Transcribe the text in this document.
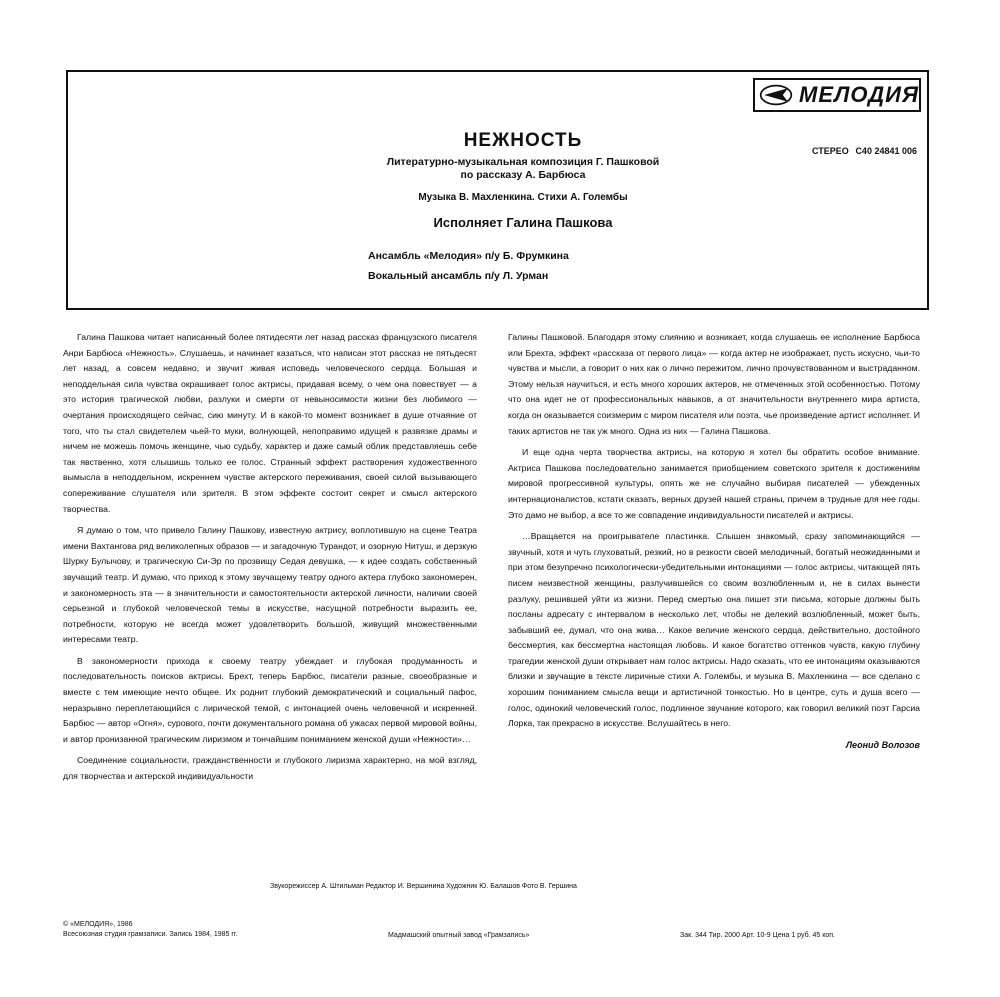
МЕЛОДИЯ
СТЕРЕО С40 24841 006
НЕЖНОСТЬ
Литературно-музыкальная композиция Г. Пашковой
по рассказу А. Барбюса
Музыка В. Махленкина. Стихи А. Голембы
Исполняет Галина Пашкова
Ансамбль «Мелодия» п/у Б. Фрумкина
Вокальный ансамбль п/у Л. Урман

Галина Пашкова читает написанный более пятидесяти лет назад рассказ французского писателя Анри Барбюса «Нежность». Слушаешь, и начинает казаться, что написан этот рассказ не пятьдесят лет назад, а совсем недавно, и звучит живая исповедь человеческого сердца. Большая и неподдельная сила чувства окрашивает голос актрисы, придавая всему, о чем она повествует — а это история трагической любви, разлуки и смерти от невыносимости жизни без любимого — очертания происходящего сейчас, сию минуту. И в какой-то момент возникает в душе отчаяние от того, что ты стал свидетелем чьей-то муки, волнующей, непоправимо идущей к развязке драмы и ничем не можешь помочь женщине, чью судьбу, характер и даже самый облик представляешь себе так явственно, хотя слышишь только ее голос. Странный эффект растворения художественного вымысла в неподдельном, искреннем чувстве актерского переживания, своей силой вызывающего сопереживание слушателя или зрителя. В этом эффекте состоит секрет и смысл актерского творчества.

Я думаю о том, что привело Галину Пашкову, известную актрису, воплотившую на сцене Театра имени Вахтангова ряд великолепных образов — и загадочную Турандот, и озорную Нитуш, и дерзкую Шурку Булычову, и трагическую Си-Эр по прозвищу Седая девушка, — к идее создать собственный звучащий театр. И думаю, что приход к этому звучащему театру одного актера глубоко закономерен, и закономерность эта — в значительности и самостоятельности актерской личности, наличии своей серьезной и глубокой человеческой темы в искусстве, насущной потребности выразить ее, потребности, которую не всегда может удовлетворить большой, живущий множественными интересами театр.

В закономерности прихода к своему театру убеждает и глубокая продуманность и последовательность поисков актрисы. Брехт, теперь Барбюс, писатели разные, своеобразные и вместе с тем имеющие нечто общее. Их роднит глубокий демократический и социальный пафос, неразрывно переплетающийся с лирической темой, с интонацией очень человечной и искренней. Барбюс — автор «Огня», сурового, почти документального романа об ужасах первой мировой войны, и автор пронизанной трагическим лиризмом и тончайшим пониманием женской души «Нежности»…

Соединение социальности, гражданственности и глубокого лиризма характерно, на мой взгляд, для творчества и актерской индивидуальности

Галины Пашковой. Благодаря этому слиянию и возникает, когда слушаешь ее исполнение Барбюса или Брехта, эффект «рассказа от первого лица» — когда актер не изображает, пусть искусно, чьи-то чувства и мысли, а говорит о них как о лично пережитом, лично прочувствованном и выстраданном. Этому нельзя научиться, и есть много хороших актеров, не отмеченных этой особенностью. Потому что она идет не от профессиональных навыков, а от значительности внутреннего мира артиста, когда он оказывается соизмерим с миром писателя или поэта, чье произведение артист исполняет. И таких артистов не так уж много. Одна из них — Галина Пашкова.

И еще одна черта творчества актрисы, на которую я хотел бы обратить особое внимание. Актриса Пашкова последовательно занимается приобщением советского зрителя к достижениям мировой прогрессивной культуры, опять же не случайно выбирая писателей — убежденных интернационалистов, кстати сказать, верных друзей нашей страны, причем в трудные для нее годы. Это дамо не выбор, а все то же совпадение индивидуальности писателей и актрисы.

…Вращается на проигрывателе пластинка. Слышен знакомый, сразу запоминающийся — звучный, хотя и чуть глуховатый, резкий, но в резкости своей мелодичный, богатый неожиданными и при этом безупречно психологически-убедительными интонациями — голос актрисы, читающей пять писем неизвестной женщины, разлучившейся со своим возлюбленным и, не в силах вынести разлуку, решившей уйти из жизни. Перед смертью она пишет эти письма, которые должны быть посланы адресату с интервалом в несколько лет, чтобы не делекий возлюбленный, может быть, забывший ее, думал, что она жива… Какое величие женского сердца, действительно, достойного бессмертия, как бессмертна настоящая любовь. И какое богатство оттенков чувств, какую глубину трагедии женской души открывает нам голос актрисы. Надо сказать, что ее интонациям оказываются близки и звучащие в тексте лиричные стихи А. Голембы, и музыка В. Махленкина — все сделано с хорошим пониманием смысла вещи и артистичной тонкостью. Но в центре, суть и душа всего — голос, одинокий человеческий голос, подлинное звучание которого, как говорил великий поэт Гарсиа Лорка, так прекрасно в искусстве. Вслушайтесь в него.

Леонид Волозов
Звукорежиссер А. Штильман Редактор И. Вершинина Художник Ю. Балашов Фото В. Гершина
© «МЕЛОДИЯ», 1986
Всесоюзная студия грамзаписи. Запись 1984, 1985 гг.	Мадмашский опытный завод «Грамзапись»	Зак. 344 Тир. 2000 Арт. 10-9 Цена 1 руб. 45 коп.
